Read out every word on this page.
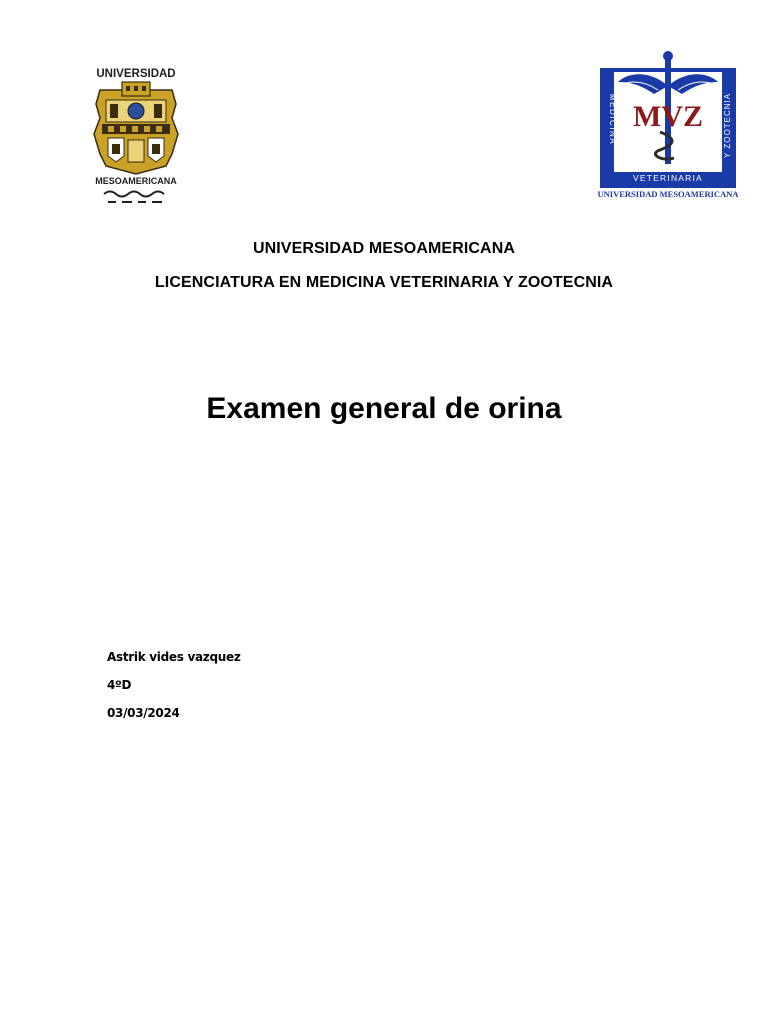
UNIVERSIDAD
MESOAMERICANA
MEDICINA	Y ZOOTECNIA
MVZ
VETERINARIA
UNIVERSIDAD MESOAMERICANA
UNIVERSIDAD MESOAMERICANA
LICENCIATURA EN MEDICINA VETERINARIA Y ZOOTECNIA
Examen general de orina
Astrik vides vazquez
4ºD
03/03/2024
